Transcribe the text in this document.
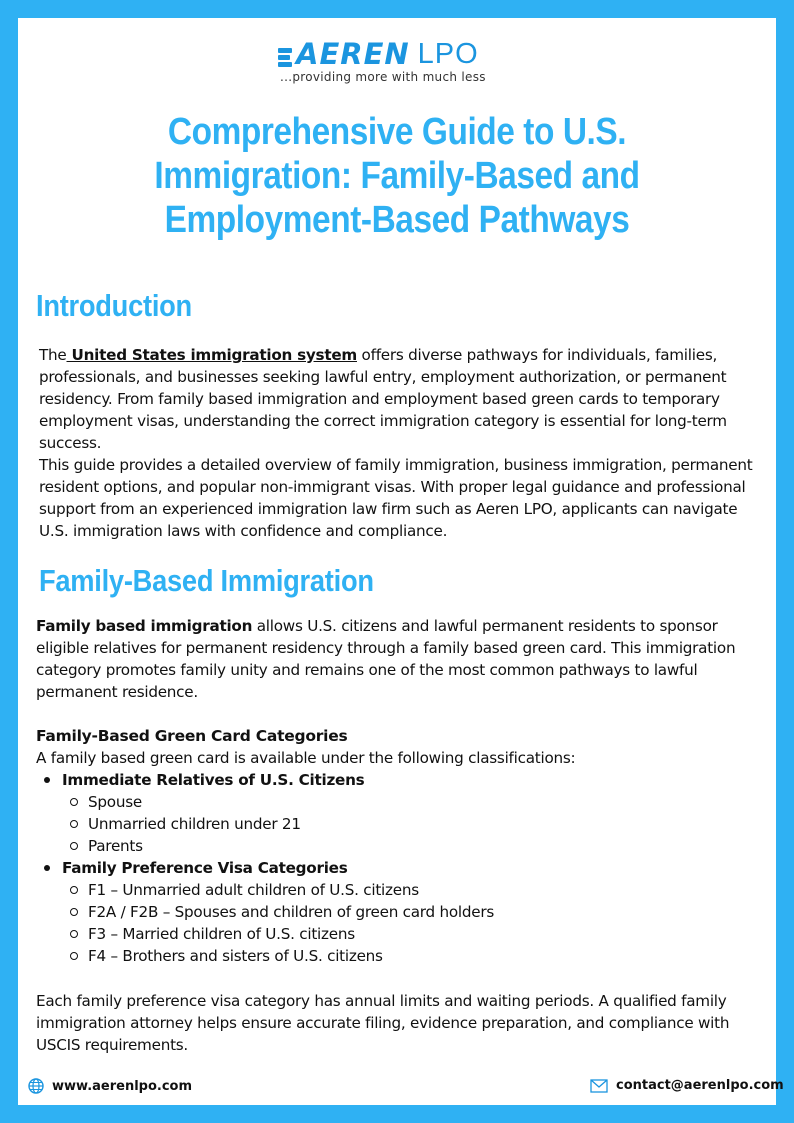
AEREN LPO
...providing more with much less
Comprehensive Guide to U.S. Immigration: Family-Based and Employment-Based Pathways
Introduction
The United States immigration system offers diverse pathways for individuals, families, professionals, and businesses seeking lawful entry, employment authorization, or permanent residency. From family based immigration and employment based green cards to temporary employment visas, understanding the correct immigration category is essential for long-term success.
This guide provides a detailed overview of family immigration, business immigration, permanent resident options, and popular non-immigrant visas. With proper legal guidance and professional support from an experienced immigration law firm such as Aeren LPO, applicants can navigate U.S. immigration laws with confidence and compliance.
Family-Based Immigration
Family based immigration allows U.S. citizens and lawful permanent residents to sponsor eligible relatives for permanent residency through a family based green card. This immigration category promotes family unity and remains one of the most common pathways to lawful permanent residence.
Family-Based Green Card Categories
A family based green card is available under the following classifications:
Immediate Relatives of U.S. Citizens
Spouse
Unmarried children under 21
Parents
Family Preference Visa Categories
F1 – Unmarried adult children of U.S. citizens
F2A / F2B – Spouses and children of green card holders
F3 – Married children of U.S. citizens
F4 – Brothers and sisters of U.S. citizens
Each family preference visa category has annual limits and waiting periods. A qualified family immigration attorney helps ensure accurate filing, evidence preparation, and compliance with USCIS requirements.
www.aerenlpo.com	contact@aerenlpo.com
